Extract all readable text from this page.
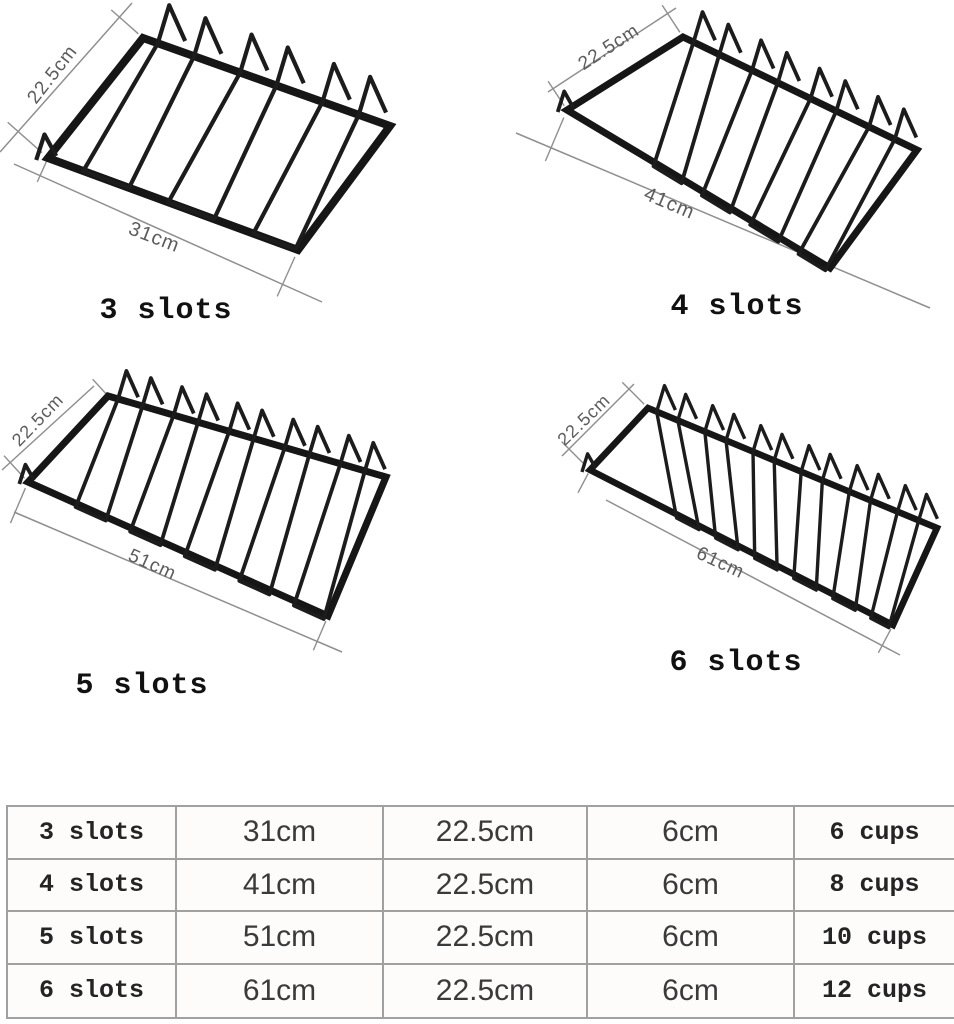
22.5cm
31cm
22.5cm
41cm
22.5cm
51cm
22.5cm
61cm
3 slots	4 slots
5 slots
6 slots
3 slots	31cm	22.5cm	6cm	6 cups
4 slots	41cm	22.5cm	6cm	8 cups
5 slots	51cm	22.5cm	6cm	10 cups
6 slots	61cm	22.5cm	6cm	12 cups
